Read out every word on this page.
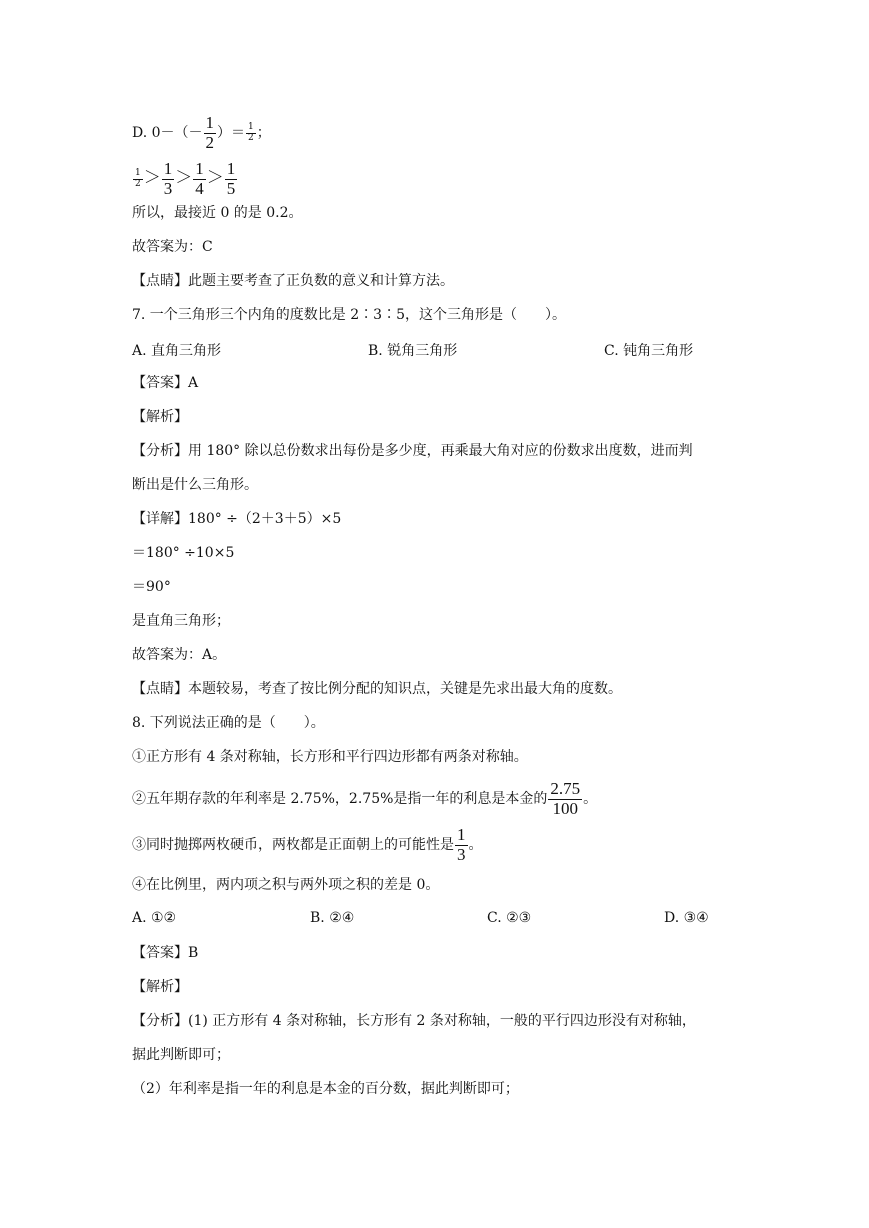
D. $0-(- \frac{1}{2}$ ）＝ $\frac{1}{2}$ ；
$\frac{1}{2} > \frac{1}{3} > \frac{1}{4} > \frac{1}{5}$
所以，最接近 0 的是 0.2。
故答案为：C
【点睛】此题主要考查了正负数的意义和计算方法。
7. 一个三角形三个内角的度数比是 2∶3∶5，这个三角形是（　　）。
A. 直角三角形	B. 锐角三角形	C. 钝角三角形
【答案】A
【解析】
【分析】用 180° 除以总份数求出每份是多少度，再乘最大角对应的份数求出度数，进而判
断出是什么三角形。
【详解】180° ÷（2＋3＋5）×5
＝180° ÷10×5
＝90°
是直角三角形；
故答案为：A。
【点睛】本题较易，考查了按比例分配的知识点，关键是先求出最大角的度数。
8. 下列说法正确的是（　　）。
①正方形有 4 条对称轴，长方形和平行四边形都有两条对称轴。
②五年期存款的年利率是 2.75%，2.75%是指一年的利息是本金的 $\frac{2.75}{100}$ 。
③同时抛掷两枚硬币，两枚都是正面朝上的可能性是 $\frac{1}{3}$ 。
④在比例里，两内项之积与两外项之积的差是 0。
A. ①②	B. ②④	C. ②③	D. ③④
【答案】B
【解析】
【分析】(1) 正方形有 4 条对称轴，长方形有 2 条对称轴，一般的平行四边形没有对称轴，
据此判断即可；
（2）年利率是指一年的利息是本金的百分数，据此判断即可；
